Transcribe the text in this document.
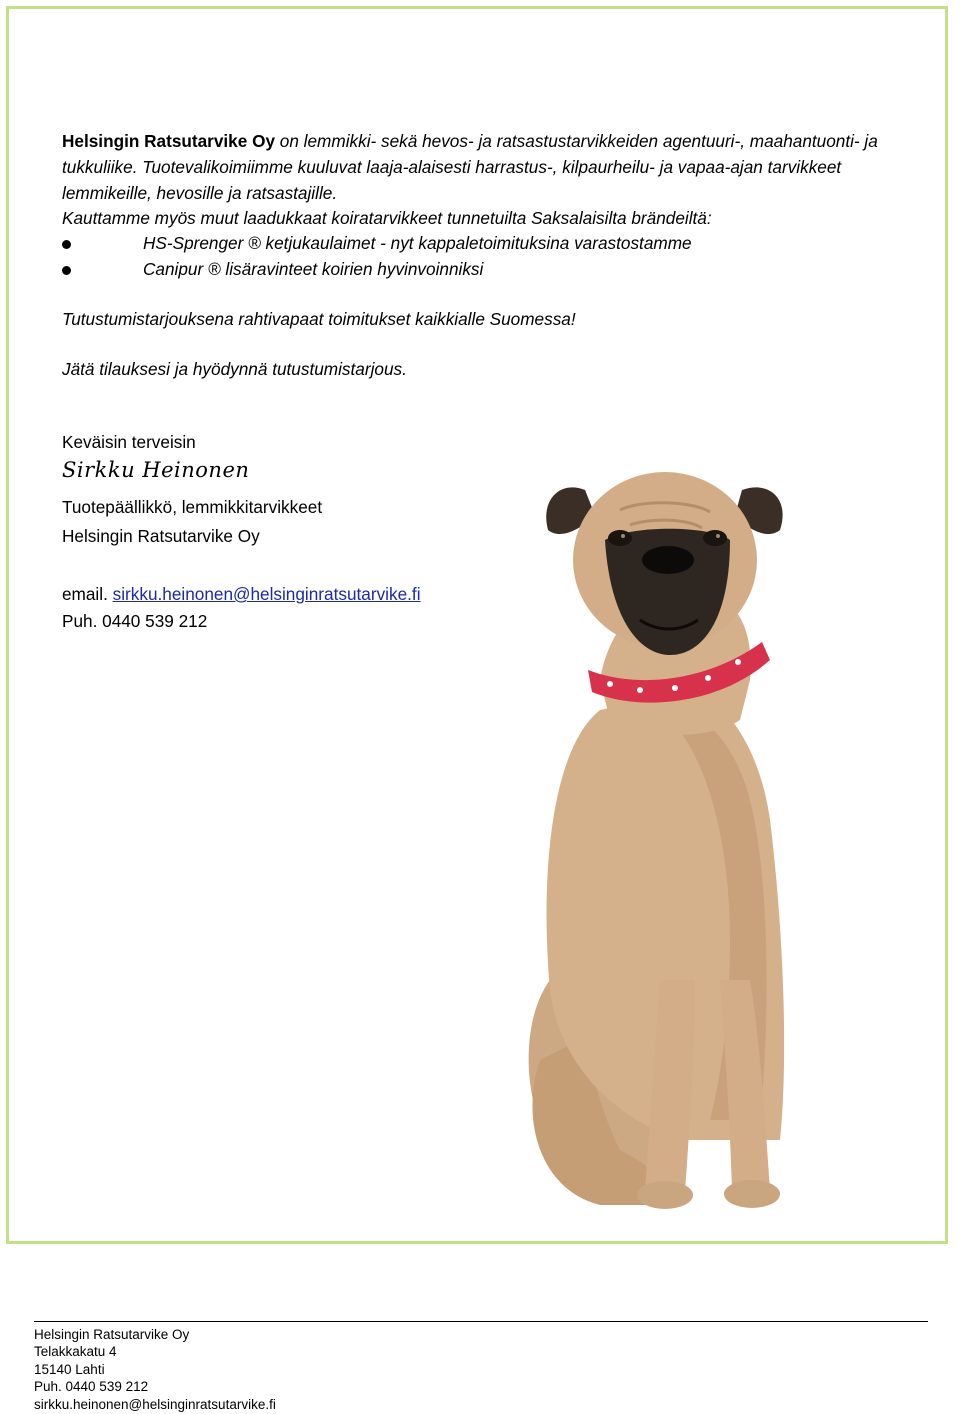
Helsingin Ratsutarvike Oy on lemmikki- sekä hevos- ja ratsastustarvikkeiden agentuuri-, maahantuonti- ja
tukkuliike. Tuotevalikoimiimme kuuluvat laaja-alaisesti harrastus-, kilpaurheilu- ja vapaa-ajan tarvikkeet
lemmikeille, hevosille ja ratsastajille.
Kauttamme myös muut laadukkaat koiratarvikkeet tunnetuilta Saksalaisilta brändeiltä:
HS-Sprenger ® ketjukaulaimet - nyt kappaletoimituksina varastostamme
Canipur ® lisäravinteet koirien hyvinvoinniksi
Tutustumistarjouksena rahtivapaat toimitukset kaikkialle Suomessa!
Jätä tilauksesi ja hyödynnä tutustumistarjous.
Keväisin terveisin
Sirkku Heinonen
Tuotepäällikkö, lemmikkitarvikkeet
Helsingin Ratsutarvike Oy
email. sirkku.heinonen@helsinginratsutarvike.fi
Puh. 0440 539 212
Helsingin Ratsutarvike Oy
Telakkakatu 4
15140 Lahti
Puh. 0440 539 212
sirkku.heinonen@helsinginratsutarvike.fi
